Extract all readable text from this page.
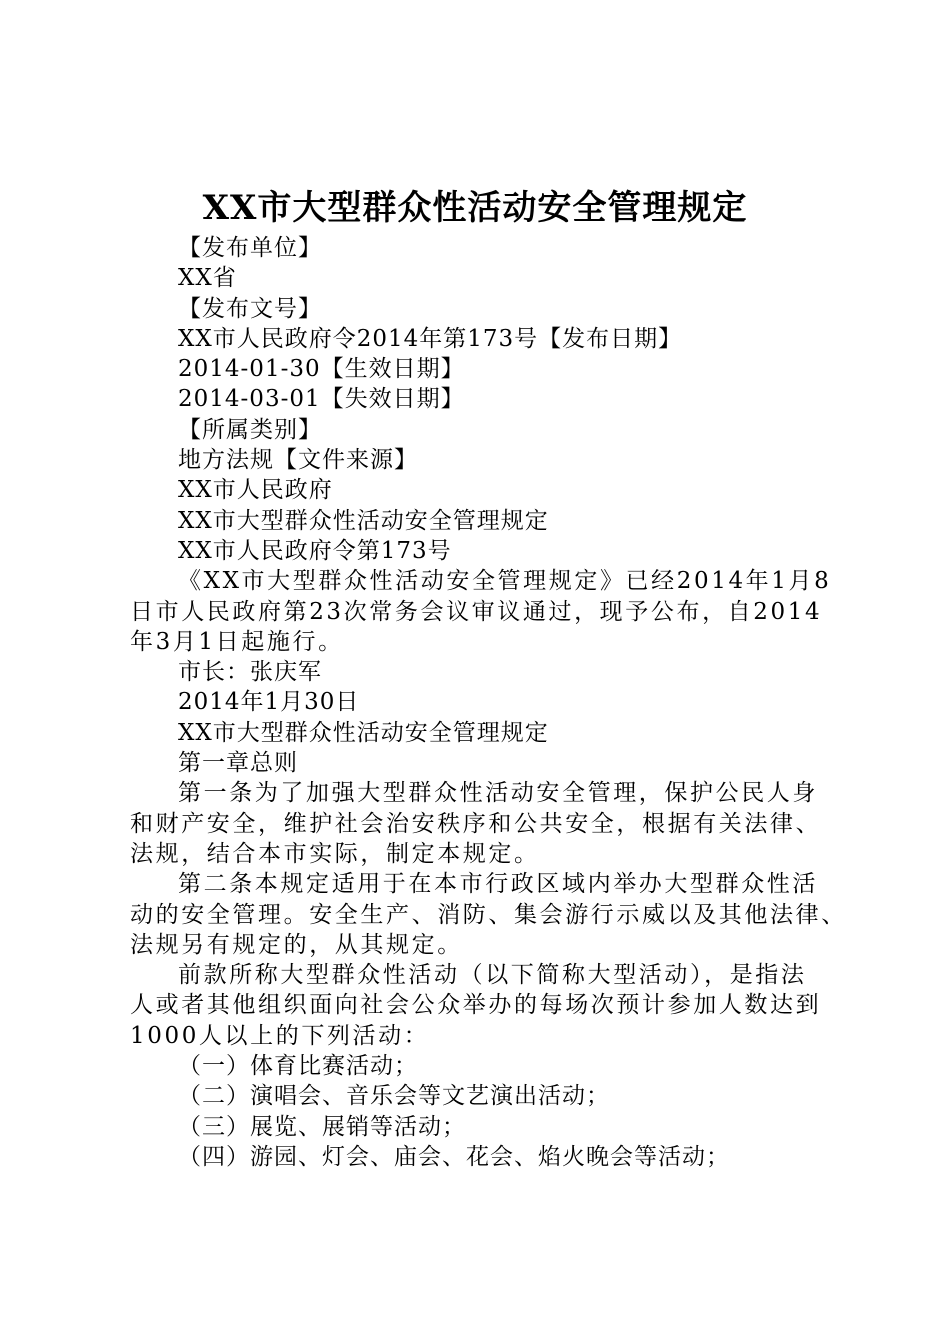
XX市大型群众性活动安全管理规定
【发布单位】
XX省
【发布文号】
XX市人民政府令2014年第173号【发布日期】
2014-01-30【生效日期】
2014-03-01【失效日期】
【所属类别】
地方法规【文件来源】
XX市人民政府
XX市大型群众性活动安全管理规定
XX市人民政府令第173号
《XX市大型群众性活动安全管理规定》已经2014年1月8
日市人民政府第23次常务会议审议通过，现予公布，自2014
年3月1日起施行。
市长：张庆军
2014年1月30日
XX市大型群众性活动安全管理规定
第一章总则
第一条为了加强大型群众性活动安全管理，保护公民人身
和财产安全，维护社会治安秩序和公共安全，根据有关法律、
法规，结合本市实际，制定本规定。
第二条本规定适用于在本市行政区域内举办大型群众性活
动的安全管理。安全生产、消防、集会游行示威以及其他法律、
法规另有规定的，从其规定。
前款所称大型群众性活动（以下简称大型活动），是指法
人或者其他组织面向社会公众举办的每场次预计参加人数达到
1000人以上的下列活动：
（一）体育比赛活动；
（二）演唱会、音乐会等文艺演出活动；
（三）展览、展销等活动；
（四）游园、灯会、庙会、花会、焰火晚会等活动；
